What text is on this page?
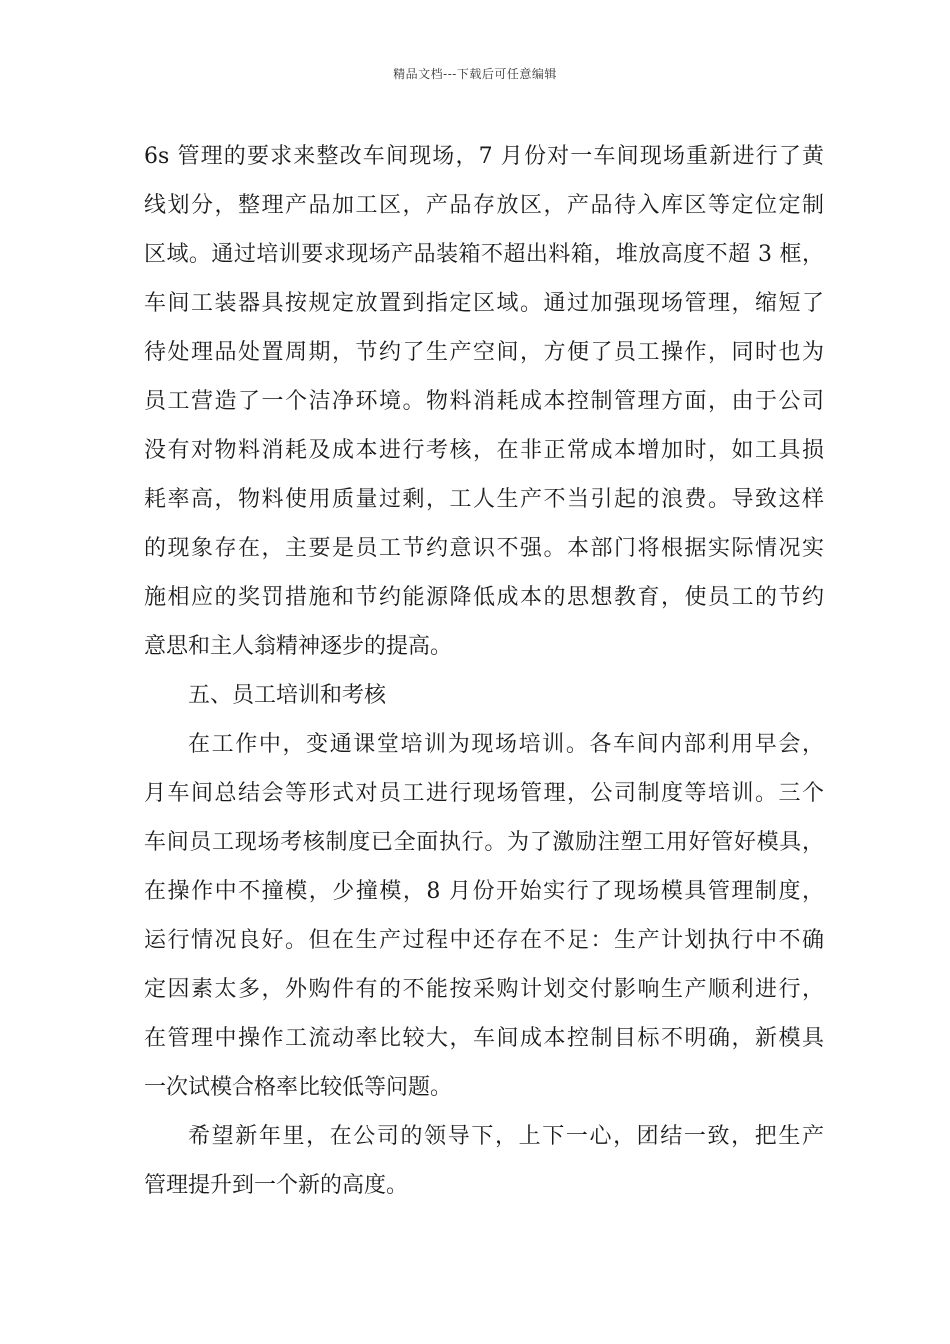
精品文档---下载后可任意编辑
6s 管理的要求来整改车间现场，7 月份对一车间现场重新进行了黄
线划分，整理产品加工区，产品存放区，产品待入库区等定位定制
区域。通过培训要求现场产品装箱不超出料箱，堆放高度不超 3 框，
车间工装器具按规定放置到指定区域。通过加强现场管理，缩短了
待处理品处置周期，节约了生产空间，方便了员工操作，同时也为
员工营造了一个洁净环境。物料消耗成本控制管理方面，由于公司
没有对物料消耗及成本进行考核，在非正常成本增加时，如工具损
耗率高，物料使用质量过剩，工人生产不当引起的浪费。导致这样
的现象存在，主要是员工节约意识不强。本部门将根据实际情况实
施相应的奖罚措施和节约能源降低成本的思想教育，使员工的节约
意思和主人翁精神逐步的提高。
五、员工培训和考核
在工作中，变通课堂培训为现场培训。各车间内部利用早会，
月车间总结会等形式对员工进行现场管理，公司制度等培训。三个
车间员工现场考核制度已全面执行。为了激励注塑工用好管好模具，
在操作中不撞模，少撞模，8 月份开始实行了现场模具管理制度，
运行情况良好。但在生产过程中还存在不足：生产计划执行中不确
定因素太多，外购件有的不能按采购计划交付影响生产顺利进行，
在管理中操作工流动率比较大，车间成本控制目标不明确，新模具
一次试模合格率比较低等问题。
希望新年里，在公司的领导下，上下一心，团结一致，把生产
管理提升到一个新的高度。
